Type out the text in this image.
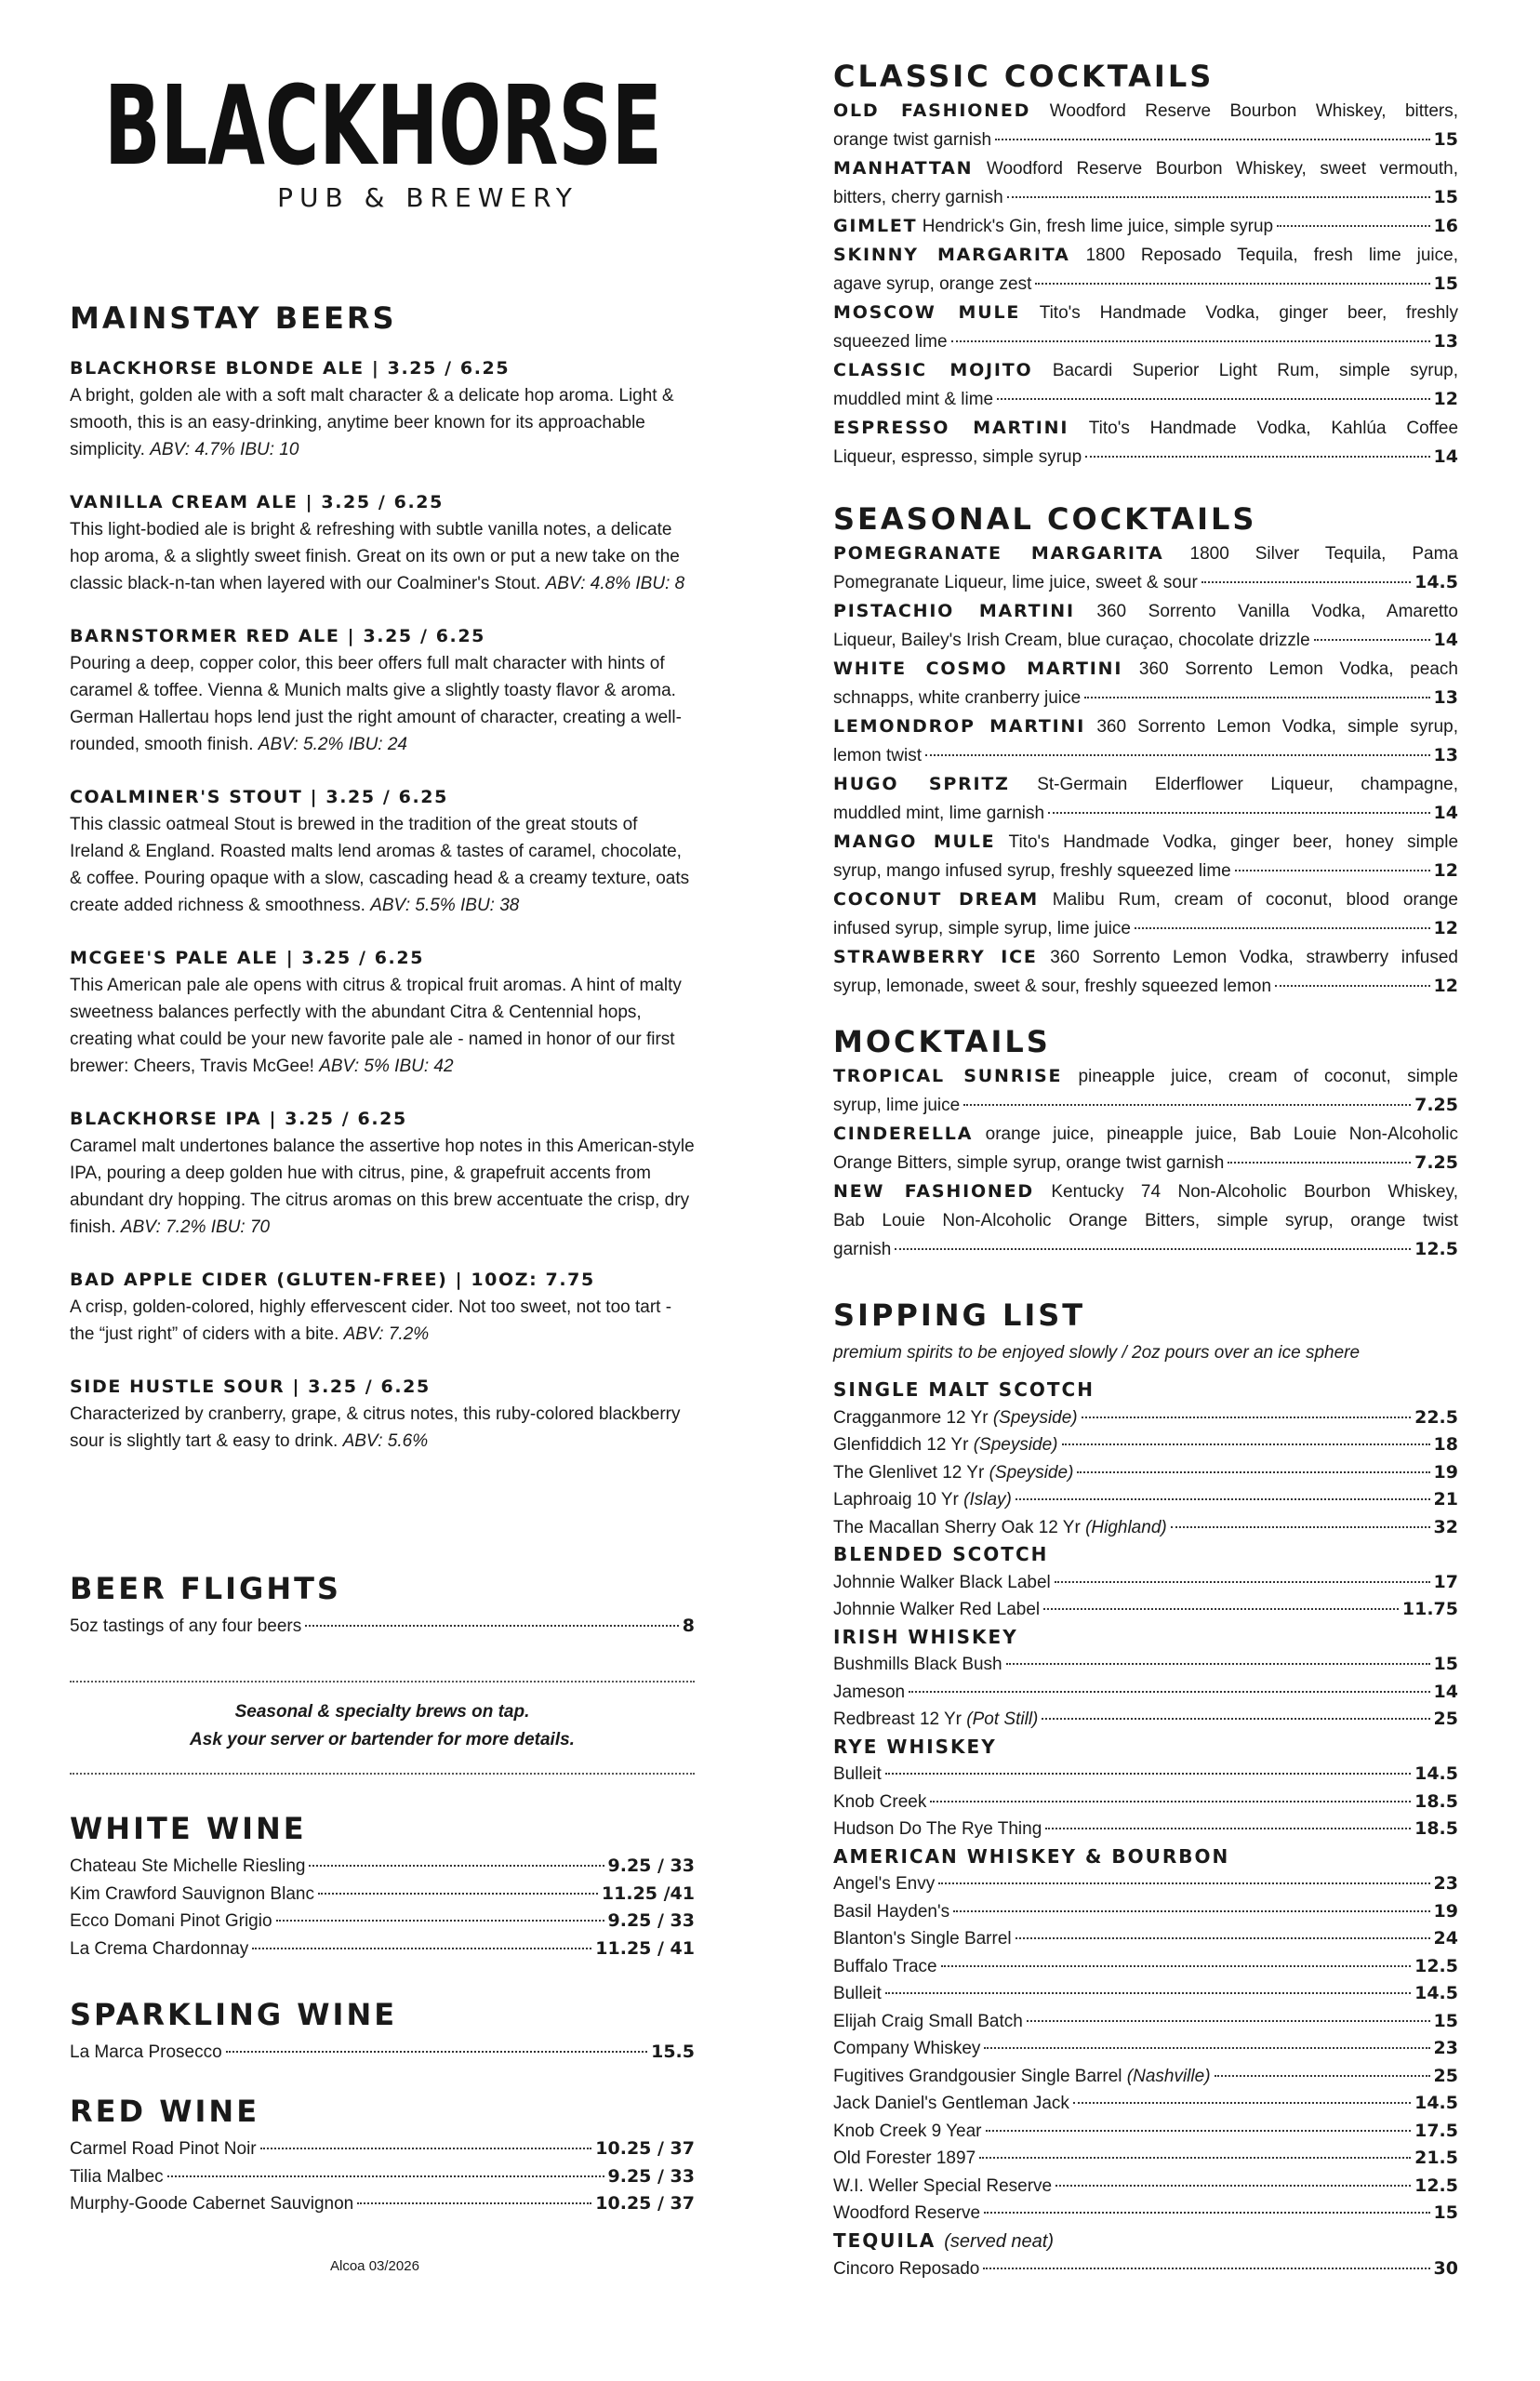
BLACKHORSE
PUB & BREWERY
MAINSTAY BEERS
BLACKHORSE BLONDE ALE | 3.25 / 6.25
A bright, golden ale with a soft malt character & a delicate hop aroma. Light & smooth, this is an easy-drinking, anytime beer known for its approachable simplicity. ABV: 4.7% IBU: 10
VANILLA CREAM ALE | 3.25 / 6.25
This light-bodied ale is bright & refreshing with subtle vanilla notes, a delicate hop aroma, & a slightly sweet finish. Great on its own or put a new take on the classic black-n-tan when layered with our Coalminer's Stout. ABV: 4.8% IBU: 8
BARNSTORMER RED ALE | 3.25 / 6.25
Pouring a deep, copper color, this beer offers full malt character with hints of caramel & toffee. Vienna & Munich malts give a slightly toasty flavor & aroma. German Hallertau hops lend just the right amount of character, creating a well-rounded, smooth finish. ABV: 5.2% IBU: 24
COALMINER'S STOUT | 3.25 / 6.25
This classic oatmeal Stout is brewed in the tradition of the great stouts of Ireland & England. Roasted malts lend aromas & tastes of caramel, chocolate, & coffee. Pouring opaque with a slow, cascading head & a creamy texture, oats create added richness & smoothness. ABV: 5.5% IBU: 38
MCGEE'S PALE ALE | 3.25 / 6.25
This American pale ale opens with citrus & tropical fruit aromas. A hint of malty sweetness balances perfectly with the abundant Citra & Centennial hops, creating what could be your new favorite pale ale - named in honor of our first brewer: Cheers, Travis McGee! ABV: 5% IBU: 42
BLACKHORSE IPA | 3.25 / 6.25
Caramel malt undertones balance the assertive hop notes in this American-style IPA, pouring a deep golden hue with citrus, pine, & grapefruit accents from abundant dry hopping. The citrus aromas on this brew accentuate the crisp, dry finish. ABV: 7.2% IBU: 70
BAD APPLE CIDER (GLUTEN-FREE) | 10OZ: 7.75
A crisp, golden-colored, highly effervescent cider. Not too sweet, not too tart - the “just right” of ciders with a bite. ABV: 7.2%
SIDE HUSTLE SOUR | 3.25 / 6.25
Characterized by cranberry, grape, & citrus notes, this ruby-colored blackberry sour is slightly tart & easy to drink. ABV: 5.6%
BEER FLIGHTS
5oz tastings of any four beers	8
Seasonal & specialty brews on tap.
Ask your server or bartender for more details.
WHITE WINE
Chateau Ste Michelle Riesling	9.25 / 33
Kim Crawford Sauvignon Blanc	11.25 /41
Ecco Domani Pinot Grigio	9.25 / 33
La Crema Chardonnay	11.25 / 41
SPARKLING WINE
La Marca Prosecco	15.5
RED WINE
Carmel Road Pinot Noir	10.25 / 37
Tilia Malbec	9.25 / 33
Murphy-Goode Cabernet Sauvignon	10.25 / 37
Alcoa 03/2026
CLASSIC COCKTAILS
OLD FASHIONED Woodford Reserve Bourbon Whiskey, bitters,
orange twist garnish	15
MANHATTAN Woodford Reserve Bourbon Whiskey, sweet vermouth,
bitters, cherry garnish	15
GIMLET Hendrick's Gin, fresh lime juice, simple syrup	16
SKINNY MARGARITA 1800 Reposado Tequila, fresh lime juice,
agave syrup, orange zest	15
MOSCOW MULE Tito's Handmade Vodka, ginger beer, freshly
squeezed lime	13
CLASSIC MOJITO Bacardi Superior Light Rum, simple syrup,
muddled mint & lime	12
ESPRESSO MARTINI Tito's Handmade Vodka, Kahlúa Coffee
Liqueur, espresso, simple syrup	14
SEASONAL COCKTAILS
POMEGRANATE MARGARITA 1800 Silver Tequila, Pama
Pomegranate Liqueur, lime juice, sweet & sour	14.5
PISTACHIO MARTINI 360 Sorrento Vanilla Vodka, Amaretto
Liqueur, Bailey's Irish Cream, blue curaçao, chocolate drizzle	14
WHITE COSMO MARTINI 360 Sorrento Lemon Vodka, peach
schnapps, white cranberry juice	13
LEMONDROP MARTINI 360 Sorrento Lemon Vodka, simple syrup,
lemon twist	13
HUGO SPRITZ St-Germain Elderflower Liqueur, champagne,
muddled mint, lime garnish	14
MANGO MULE Tito's Handmade Vodka, ginger beer, honey simple
syrup, mango infused syrup, freshly squeezed lime	12
COCONUT DREAM Malibu Rum, cream of coconut, blood orange
infused syrup, simple syrup, lime juice	12
STRAWBERRY ICE 360 Sorrento Lemon Vodka, strawberry infused
syrup, lemonade, sweet & sour, freshly squeezed lemon	12
MOCKTAILS
TROPICAL SUNRISE pineapple juice, cream of coconut, simple
syrup, lime juice	7.25
CINDERELLA orange juice, pineapple juice, Bab Louie Non-Alcoholic
Orange Bitters, simple syrup, orange twist garnish	7.25
NEW FASHIONED Kentucky 74 Non-Alcoholic Bourbon Whiskey,
Bab Louie Non-Alcoholic Orange Bitters, simple syrup, orange twist
garnish	12.5
SIPPING LIST
premium spirits to be enjoyed slowly / 2oz pours over an ice sphere
SINGLE MALT SCOTCH
Cragganmore 12 Yr (Speyside)	22.5
Glenfiddich 12 Yr (Speyside)	18
The Glenlivet 12 Yr (Speyside)	19
Laphroaig 10 Yr (Islay)	21
The Macallan Sherry Oak 12 Yr (Highland)	32
BLENDED SCOTCH
Johnnie Walker Black Label	17
Johnnie Walker Red Label	11.75
IRISH WHISKEY
Bushmills Black Bush	15
Jameson	14
Redbreast 12 Yr (Pot Still)	25
RYE WHISKEY
Bulleit	14.5
Knob Creek	18.5
Hudson Do The Rye Thing	18.5
AMERICAN WHISKEY & BOURBON
Angel's Envy	23
Basil Hayden's	19
Blanton's Single Barrel	24
Buffalo Trace	12.5
Bulleit	14.5
Elijah Craig Small Batch	15
Company Whiskey	23
Fugitives Grandgousier Single Barrel (Nashville)	25
Jack Daniel's Gentleman Jack	14.5
Knob Creek 9 Year	17.5
Old Forester 1897	21.5
W.I. Weller Special Reserve	12.5
Woodford Reserve	15
TEQUILA (served neat)
Cincoro Reposado	30
